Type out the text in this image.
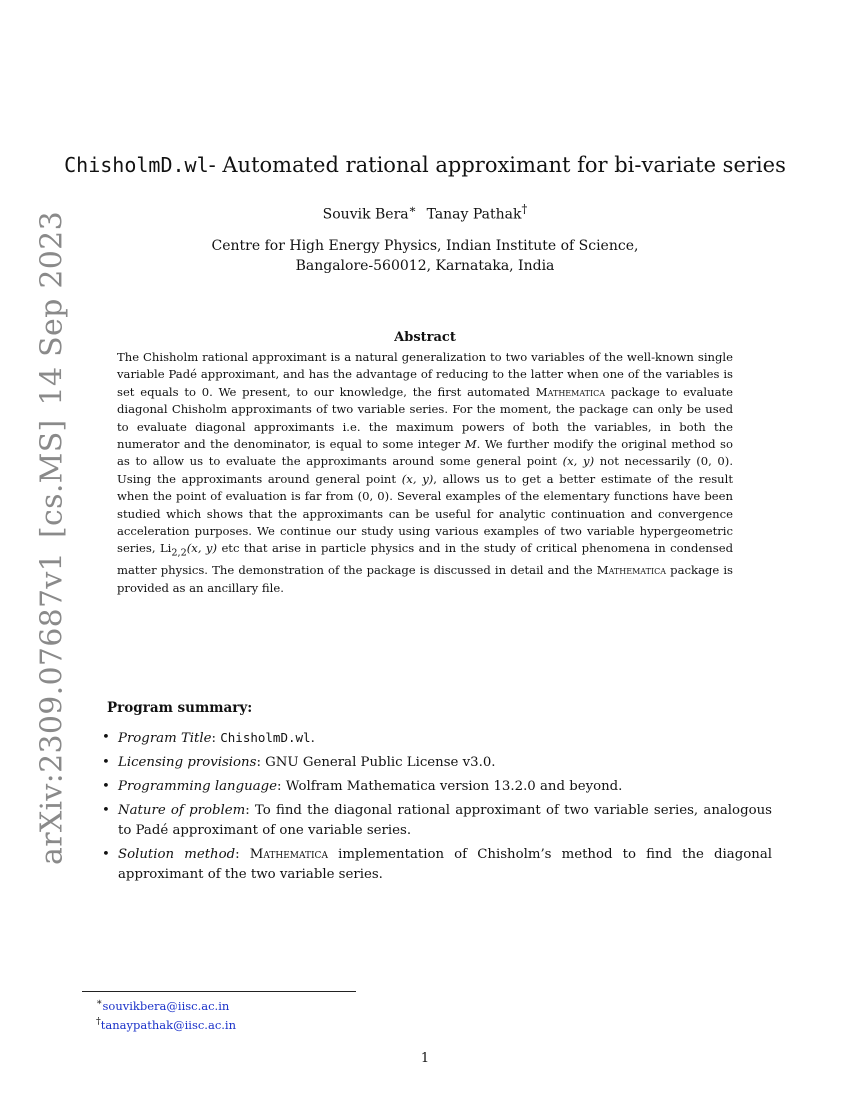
arXiv:2309.07687v1[cs.MS]14 Sep 2023
ChisholmD.wl- Automated rational approximant for bi-variate series
Souvik Bera∗ Tanay Pathak†
Centre for High Energy Physics, Indian Institute of Science,
Bangalore-560012, Karnataka, India
Abstract

The Chisholm rational approximant is a natural generalization to two variables of the well-known single variable Padé approximant, and has the advantage of reducing to the latter when one of the variables is set equals to 0. We present, to our knowledge, the first automated Mathematica package to evaluate diagonal Chisholm approximants of two variable series. For the moment, the package can only be used to evaluate diagonal approximants i.e. the maximum powers of both the variables, in both the numerator and the denominator, is equal to some integer M. We further modify the original method so as to allow us to evaluate the approximants around some general point (x, y) not necessarily (0, 0). Using the approximants around general point (x, y), allows us to get a better estimate of the result when the point of evaluation is far from (0, 0). Several examples of the elementary functions have been studied which shows that the approximants can be useful for analytic continuation and convergence acceleration purposes. We continue our study using various examples of two variable hypergeometric series, $Li_{2,2}(x$, y) etc that arise in particle physics and in the study of critical phenomena in condensed matter physics. The demonstration of the package is discussed in detail and the Mathematica package is provided as an ancillary file.

Program summary:
• Program Title: ChisholmD.wl.
• Licensing provisions: GNU General Public License v3.0.
• Programming language: Wolfram Mathematica version 13.2.0 and beyond.
• Nature of problem: To find the diagonal rational approximant of two variable series, analogous to Padé approximant of one variable series.
• Solution method: Mathematica implementation of Chisholm’s method to find the diagonal approximant of the two variable series.
∗souvikbera@iisc.ac.in
†tanaypathak@iisc.ac.in
1
